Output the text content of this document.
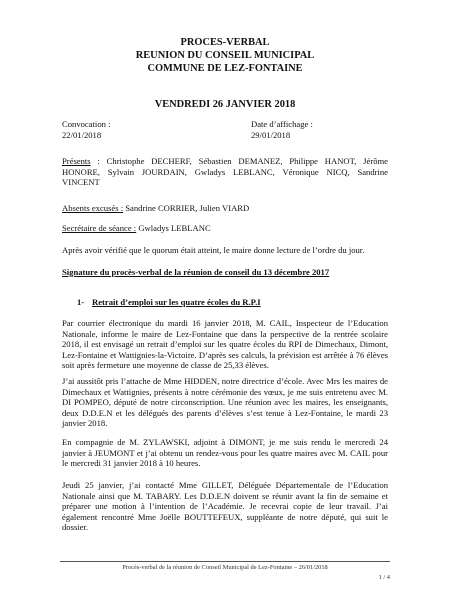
PROCES-VERBAL
REUNION DU CONSEIL MUNICIPAL
COMMUNE DE LEZ-FONTAINE
VENDREDI 26 JANVIER 2018
Convocation :
22/01/2018
Date d’affichage :
29/01/2018
Présents : Christophe DECHERF, Sébastien DEMANEZ, Philippe HANOT, Jérôme HONORE, Sylvain JOURDAIN, Gwladys LEBLANC, Véronique NICQ, Sandrine VINCENT
Absents excusés : Sandrine CORRIER, Julien VIARD
Secrétaire de séance : Gwladys LEBLANC
Après avoir vérifié que le quorum était atteint, le maire donne lecture de l’ordre du jour.
Signature du procès-verbal de la réunion de conseil du 13 décembre 2017
1- Retrait d’emploi sur les quatre écoles du R.P.I
Par courrier électronique du mardi 16 janvier 2018, M. CAIL, Inspecteur de l’Education Nationale, informe le maire de Lez-Fontaine que dans la perspective de la rentrée scolaire 2018, il est envisagé un retrait d’emploi sur les quatre écoles du RPI de Dimechaux, Dimont, Lez-Fontaine et Wattignies-la-Victoire. D’après ses calculs, la prévision est arrêtée à 76 élèves soit après fermeture une moyenne de classe de 25,33 élèves.
J’ai aussitôt pris l’attache de Mme HIDDEN, notre directrice d’école. Avec Mrs les maires de Dimechaux et Wattignies, présents à notre cérémonie des vœux, je me suis entretenu avec M. DI POMPEO, député de notre circonscription. Une réunion avec les maires, les enseignants, deux D.D.E.N et les délégués des parents d’élèves s’est tenue à Lez-Fontaine, le mardi 23 janvier 2018.
En compagnie de M. ZYLAWSKI, adjoint à DIMONT, je me suis rendu le mercredi 24 janvier à JEUMONT et j’ai obtenu un rendez-vous pour les quatre maires avec M. CAIL pour le mercredi 31 janvier 2018 à 10 heures.
Jeudi 25 janvier, j’ai contacté Mme GILLET, Déléguée Départementale de l’Education Nationale ainsi que M. TABARY. Les D.D.E.N doivent se réunir avant la fin de semaine et préparer une motion à l’intention de l’Académie. Je recevrai copie de leur travail. J’ai également rencontré Mme Joëlle BOUTTEFEUX, suppléante de notre député, qui suit le dossier.
Procès-verbal de la réunion de Conseil Municipal de Lez-Fontaine – 26/01/2018
1 / 4
